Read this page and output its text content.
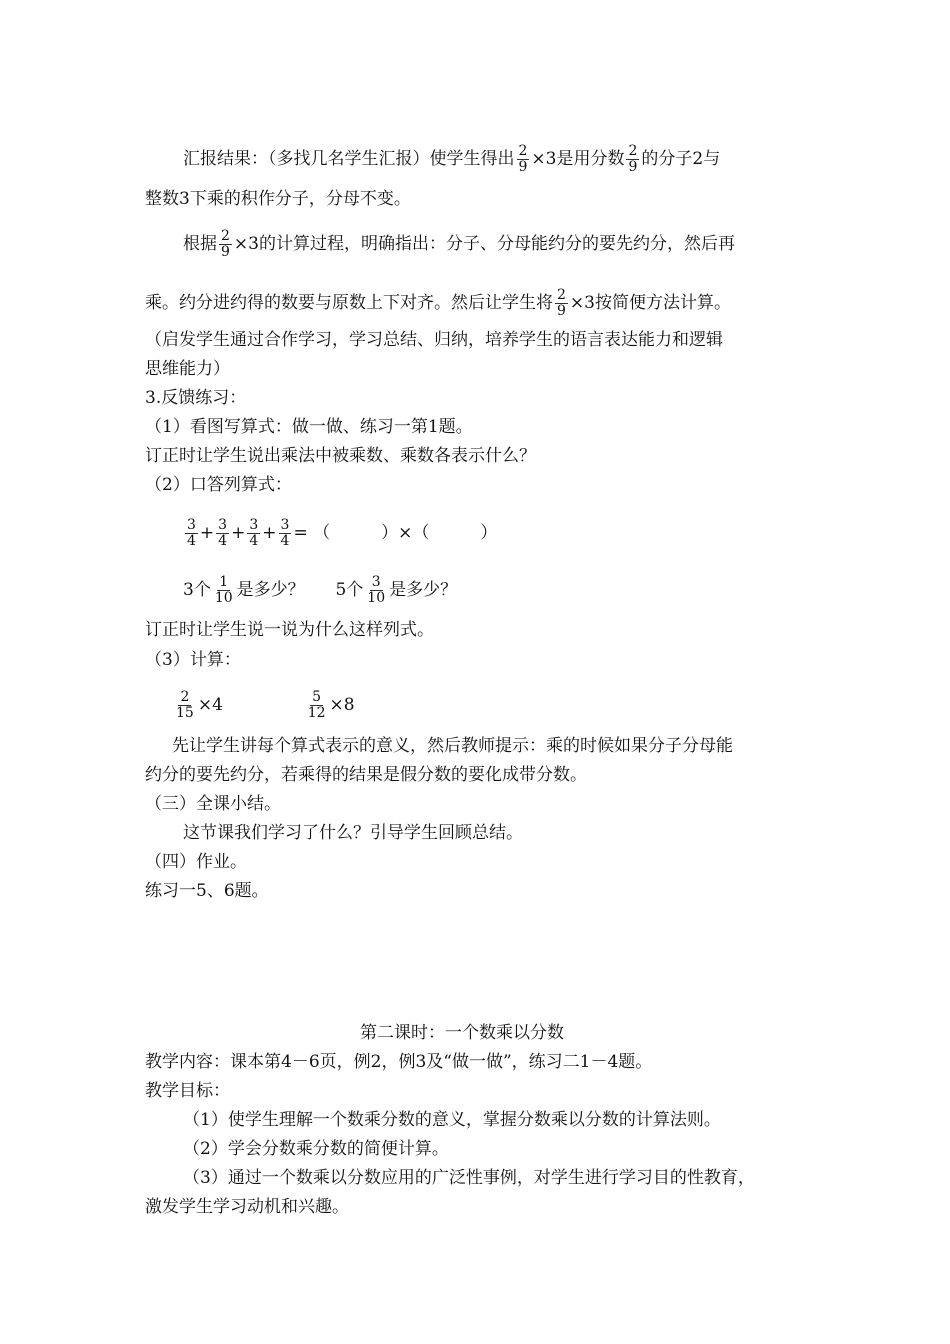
汇报结果：（多找几名学生汇报）使学生得出 $\frac{2}{9} \times 3$是用分数 $\frac{2}{9}$ 的分子2与
整数3下乘的积作分子，分母不变。
根据 $\frac{2}{9} \times 3$的计算过程，明确指出：分子、分母能约分的要先约分，然后再
乘。约分进约得的数要与原数上下对齐。然后让学生将 $\frac{2}{9} \times 3$按简便方法计算。
（启发学生通过合作学习，学习总结、归纳，培养学生的语言表达能力和逻辑
思维能力）
3.反馈练习：
（1）看图写算式：做一做、练习一第1题。
订正时让学生说出乘法中被乘数、乘数各表示什么？
（2）口答列算式：
$\frac{3}{4} + \frac{3}{4} + \frac{3}{4} + \frac{3}{4}$ = （　　　）×（　　　）
3个 $\frac{1}{10}$ 是多少？ 5个 $\frac{3}{10}$ 是多少？
订正时让学生说一说为什么这样列式。
（3）计算：
$\frac{2}{15} \times 4$	$\frac{5}{12} \times 8$
先让学生讲每个算式表示的意义，然后教师提示：乘的时候如果分子分母能
约分的要先约分，若乘得的结果是假分数的要化成带分数。
（三）全课小结。
这节课我们学习了什么？引导学生回顾总结。
（四）作业。
练习一5、6题。
第二课时：一个数乘以分数
教学内容：课本第4－6页，例2，例3及“做一做”，练习二1－4题。
教学目标：
（1）使学生理解一个数乘分数的意义，掌握分数乘以分数的计算法则。
（2）学会分数乘分数的简便计算。
（3）通过一个数乘以分数应用的广泛性事例，对学生进行学习目的性教育，
激发学生学习动机和兴趣。
